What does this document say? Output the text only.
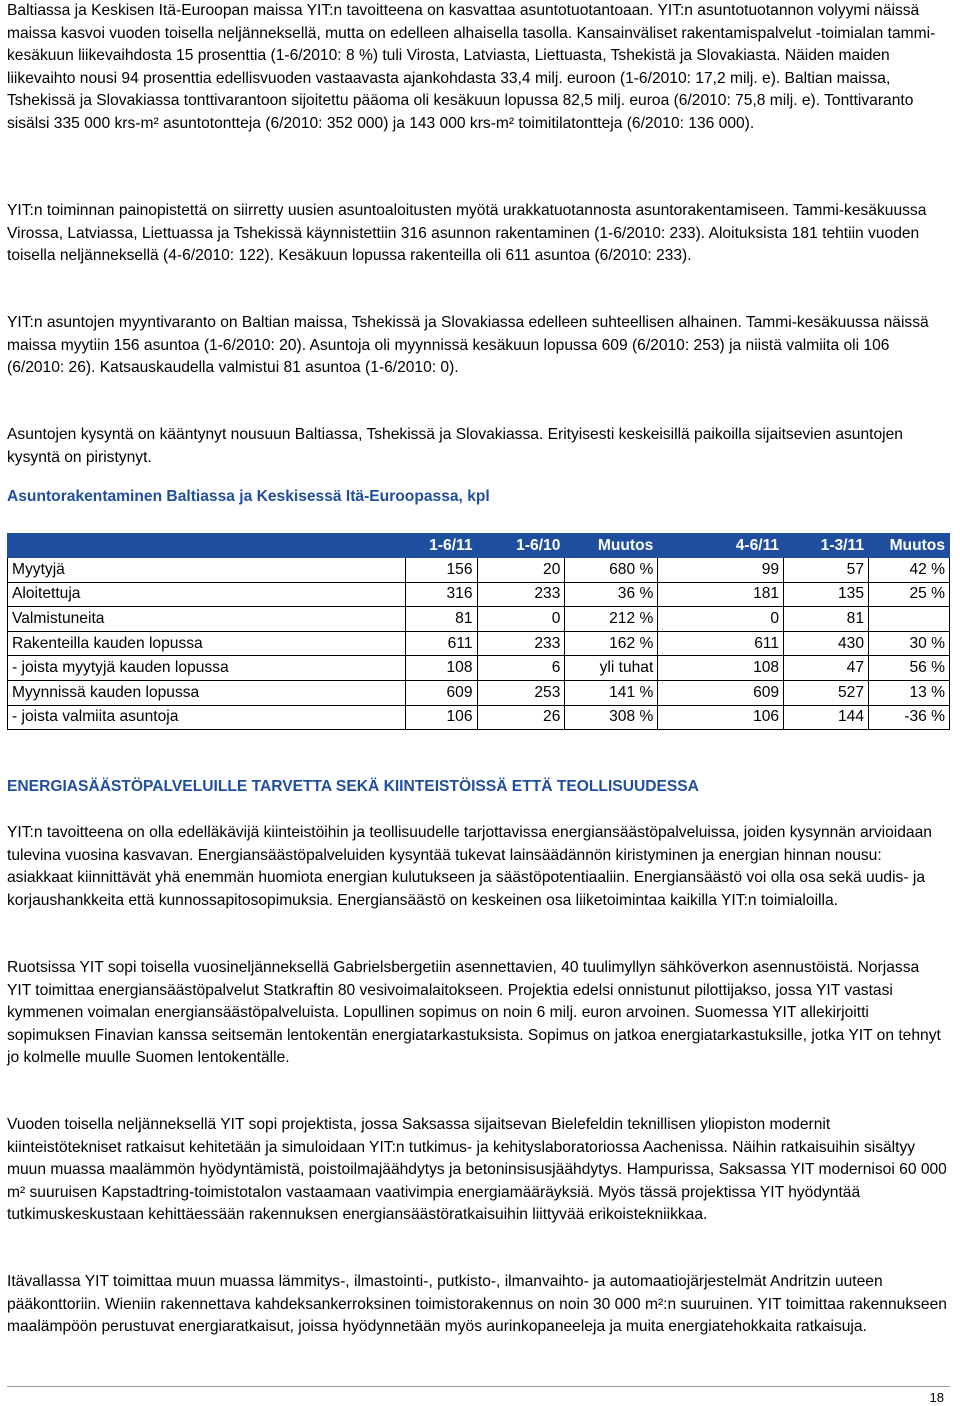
Baltiassa ja Keskisen Itä-Euroopan maissa YIT:n tavoitteena on kasvattaa asuntotuotantoaan. YIT:n asuntotuotannon volyymi näissä maissa kasvoi vuoden toisella neljänneksellä, mutta on edelleen alhaisella tasolla. Kansainväliset rakentamispalvelut -toimialan tammi-kesäkuun liikevaihdosta 15 prosenttia (1-6/2010: 8 %) tuli Virosta, Latviasta, Liettuasta, Tshekistä ja Slovakiasta. Näiden maiden liikevaihto nousi 94 prosenttia edellisvuoden vastaavasta ajankohdasta 33,4 milj. euroon (1-6/2010: 17,2 milj. e). Baltian maissa, Tshekissä ja Slovakiassa tonttivarantoon sijoitettu pääoma oli kesäkuun lopussa 82,5 milj. euroa (6/2010: 75,8 milj. e). Tonttivaranto sisälsi 335 000 krs-m² asuntotontteja (6/2010: 352 000) ja 143 000 krs-m² toimitilatontteja (6/2010: 136 000).

YIT:n toiminnan painopistettä on siirretty uusien asuntoaloitusten myötä urakkatuotannosta asuntorakentamiseen. Tammi-kesäkuussa Virossa, Latviassa, Liettuassa ja Tshekissä käynnistettiin 316 asunnon rakentaminen (1-6/2010: 233). Aloituksista 181 tehtiin vuoden toisella neljänneksellä (4-6/2010: 122). Kesäkuun lopussa rakenteilla oli 611 asuntoa (6/2010: 233).

YIT:n asuntojen myyntivaranto on Baltian maissa, Tshekissä ja Slovakiassa edelleen suhteellisen alhainen. Tammi-kesäkuussa näissä maissa myytiin 156 asuntoa (1-6/2010: 20). Asuntoja oli myynnissä kesäkuun lopussa 609 (6/2010: 253) ja niistä valmiita oli 106 (6/2010: 26). Katsauskaudella valmistui 81 asuntoa (1-6/2010: 0).

Asuntojen kysyntä on kääntynyt nousuun Baltiassa, Tshekissä ja Slovakiassa. Erityisesti keskeisillä paikoilla sijaitsevien asuntojen kysyntä on piristynyt.

Asuntorakentaminen Baltiassa ja Keskisessä Itä-Euroopassa, kpl
	1-6/11	1-6/10	Muutos	4-6/11	1-3/11	Muutos
Myytyjä	156	20	680 %	99	57	42 %
Aloitettuja	316	233	36 %	181	135	25 %
Valmistuneita	81	0	212 %	0	81	
Rakenteilla kauden lopussa	611	233	162 %	611	430	30 %
- joista myytyjä kauden lopussa	108	6	yli tuhat	108	47	56 %
Myynnissä kauden lopussa	609	253	141 %	609	527	13 %
- joista valmiita asuntoja	106	26	308 %	106	144	-36 %
ENERGIASÄÄSTÖPALVELUILLE TARVETTA SEKÄ KIINTEISTÖISSÄ ETTÄ TEOLLISUUDESSA

YIT:n tavoitteena on olla edelläkävijä kiinteistöihin ja teollisuudelle tarjottavissa energiansäästöpalveluissa, joiden kysynnän arvioidaan tulevina vuosina kasvavan. Energiansäästöpalveluiden kysyntää tukevat lainsäädännön kiristyminen ja energian hinnan nousu: asiakkaat kiinnittävät yhä enemmän huomiota energian kulutukseen ja säästöpotentiaaliin. Energiansäästö voi olla osa sekä uudis- ja korjaushankkeita että kunnossapitosopimuksia. Energiansäästö on keskeinen osa liiketoimintaa kaikilla YIT:n toimialoilla.

Ruotsissa YIT sopi toisella vuosineljänneksellä Gabrielsbergetiin asennettavien, 40 tuulimyllyn sähköverkon asennustöistä. Norjassa YIT toimittaa energiansäästöpalvelut Statkraftin 80 vesivoimalaitokseen. Projektia edelsi onnistunut pilottijakso, jossa YIT vastasi kymmenen voimalan energiansäästöpalveluista. Lopullinen sopimus on noin 6 milj. euron arvoinen. Suomessa YIT allekirjoitti sopimuksen Finavian kanssa seitsemän lentokentän energiatarkastuksista. Sopimus on jatkoa energiatarkastuksille, jotka YIT on tehnyt jo kolmelle muulle Suomen lentokentälle.

Vuoden toisella neljänneksellä YIT sopi projektista, jossa Saksassa sijaitsevan Bielefeldin teknillisen yliopiston modernit kiinteistötekniset ratkaisut kehitetään ja simuloidaan YIT:n tutkimus- ja kehityslaboratoriossa Aachenissa. Näihin ratkaisuihin sisältyy muun muassa maalämmön hyödyntämistä, poistoilmajäähdytys ja betoninsisusjäähdytys. Hampurissa, Saksassa YIT modernisoi 60 000 m² suuruisen Kapstadtring-toimistotalon vastaamaan vaativimpia energiamääräyksiä. Myös tässä projektissa YIT hyödyntää tutkimuskeskustaan kehittäessään rakennuksen energiansäästöratkaisuihin liittyvää erikoistekniikkaa.

Itävallassa YIT toimittaa muun muassa lämmitys-, ilmastointi-, putkisto-, ilmanvaihto- ja automaatiojärjestelmät Andritzin uuteen pääkonttoriin. Wieniin rakennettava kahdeksankerroksinen toimistorakennus on noin 30 000 m²:n suuruinen. YIT toimittaa rakennukseen maalämpöön perustuvat energiaratkaisut, joissa hyödynnetään myös aurinkopaneeleja ja muita energiatehokkaita ratkaisuja.

18
